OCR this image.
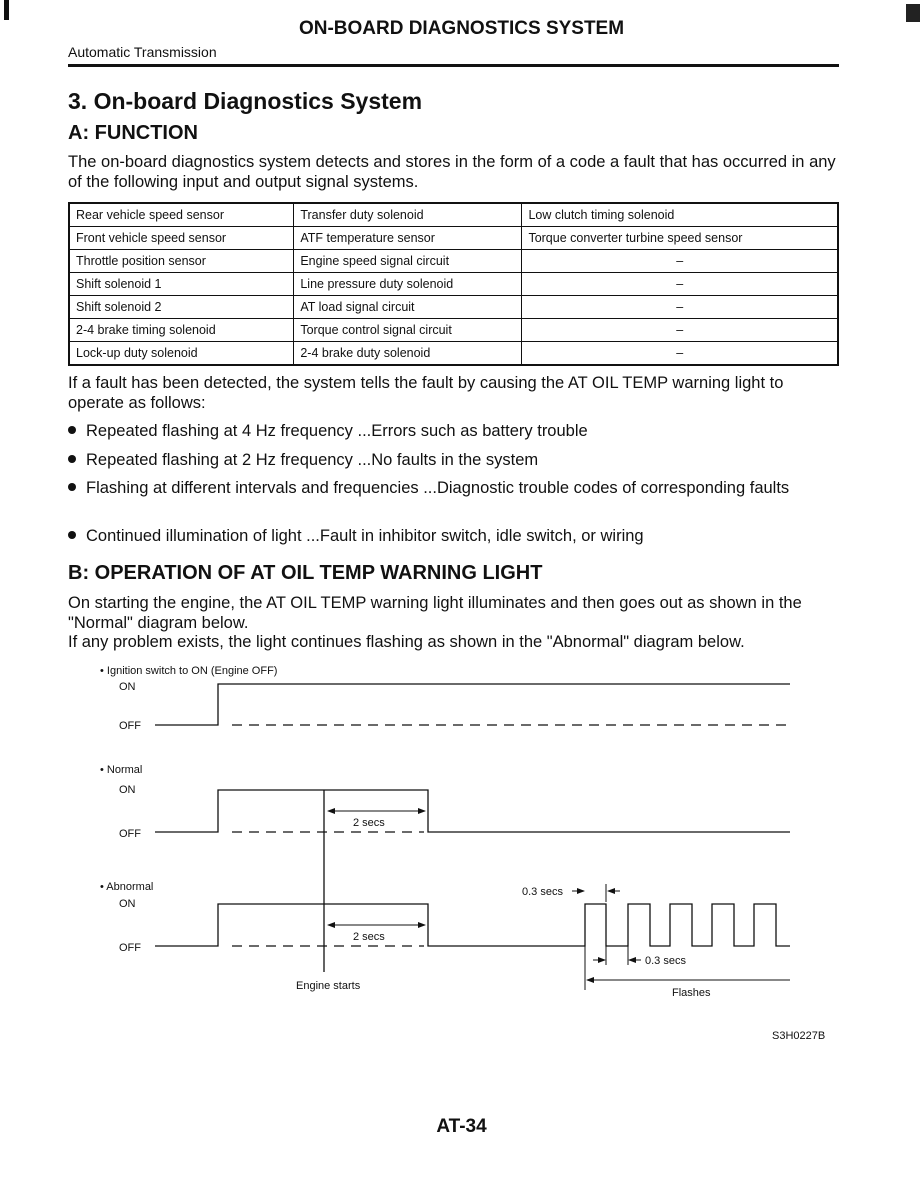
ON-BOARD DIAGNOSTICS SYSTEM
Automatic Transmission
3. On-board Diagnostics System
A: FUNCTION
The on-board diagnostics system detects and stores in the form of a code a fault that has occurred in any of the following input and output signal systems.
Rear vehicle speed sensor	Transfer duty solenoid	Low clutch timing solenoid
Front vehicle speed sensor	ATF temperature sensor	Torque converter turbine speed sensor
Throttle position sensor	Engine speed signal circuit	–
Shift solenoid 1	Line pressure duty solenoid	–
Shift solenoid 2	AT load signal circuit	–
2-4 brake timing solenoid	Torque control signal circuit	–
Lock-up duty solenoid	2-4 brake duty solenoid	–
If a fault has been detected, the system tells the fault by causing the AT OIL TEMP warning light to operate as follows:
Repeated flashing at 4 Hz frequency ...Errors such as battery trouble
Repeated flashing at 2 Hz frequency ...No faults in the system
Flashing at different intervals and frequencies ...Diagnostic trouble codes of corresponding faults
Continued illumination of light ...Fault in inhibitor switch, idle switch, or wiring
B: OPERATION OF AT OIL TEMP WARNING LIGHT
On starting the engine, the AT OIL TEMP warning light illuminates and then goes out as shown in the "Normal" diagram below.
If any problem exists, the light continues flashing as shown in the "Abnormal" diagram below.
• Ignition switch to ON (Engine OFF)
ON
OFF
• Normal
ON
OFF
2 secs
• Abnormal
ON
OFF
2 secs
0.3 secs
0.3 secs
Flashes
Engine starts
S3H0227B
AT-34
